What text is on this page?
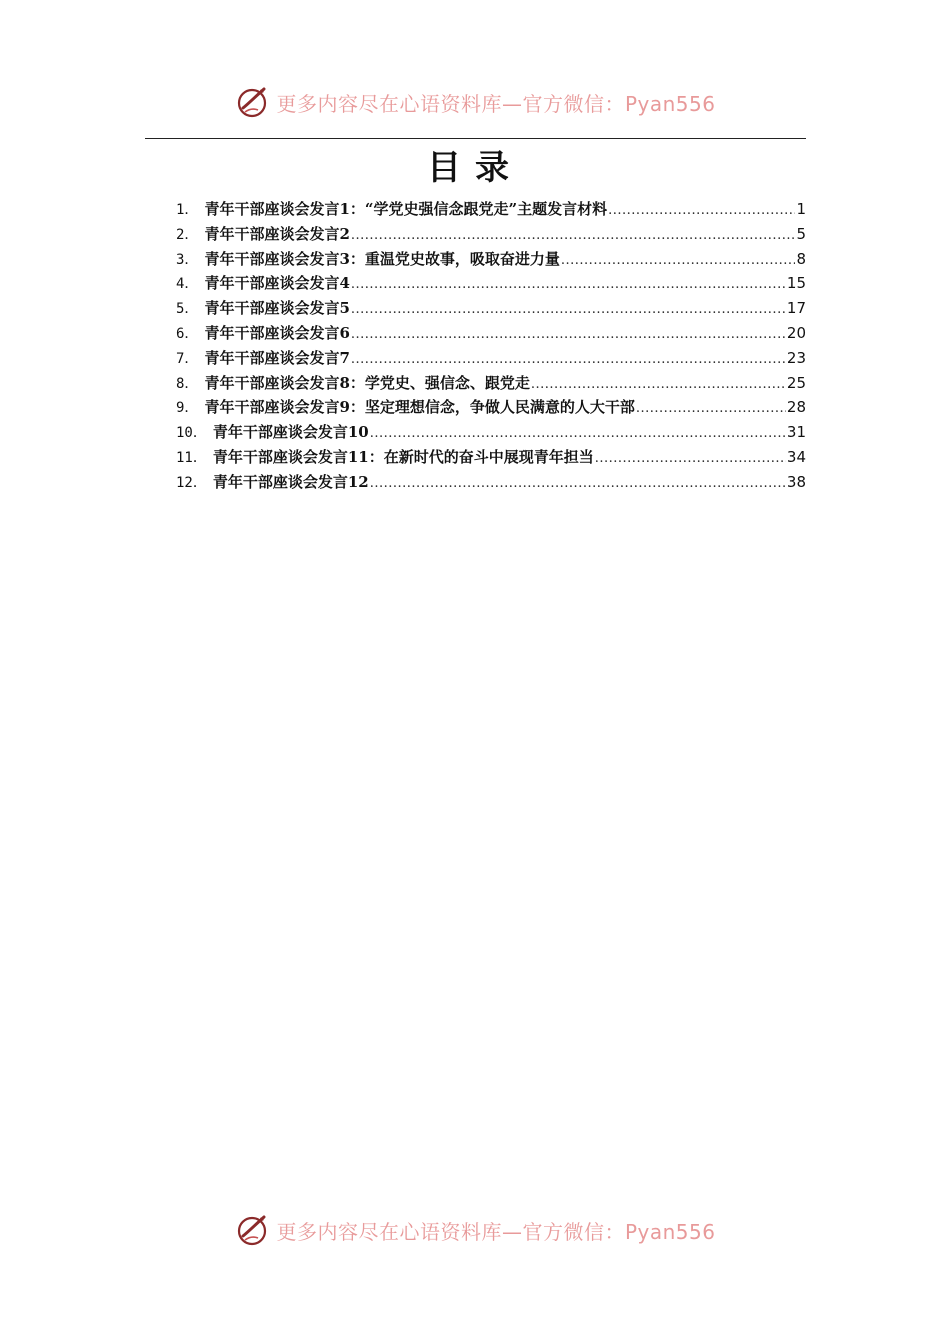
更多内容尽在心语资料库—官方微信：Pyan556
目录
1． 青年干部座谈会发言1：“学党史强信念跟党走”主题发言材料 .....	1
2． 青年干部座谈会发言2 .....	5
3． 青年干部座谈会发言3：重温党史故事，吸取奋进力量 .....	8
4． 青年干部座谈会发言4 .....	15
5． 青年干部座谈会发言5 .....	17
6． 青年干部座谈会发言6 .....	20
7． 青年干部座谈会发言7 .....	23
8． 青年干部座谈会发言8：学党史、强信念、跟党走 .....	25
9． 青年干部座谈会发言9：坚定理想信念，争做人民满意的人大干部 .....	28
10． 青年干部座谈会发言10 .....	31
11． 青年干部座谈会发言11：在新时代的奋斗中展现青年担当 .....	34
12． 青年干部座谈会发言12 .....	38
更多内容尽在心语资料库—官方微信：Pyan556
